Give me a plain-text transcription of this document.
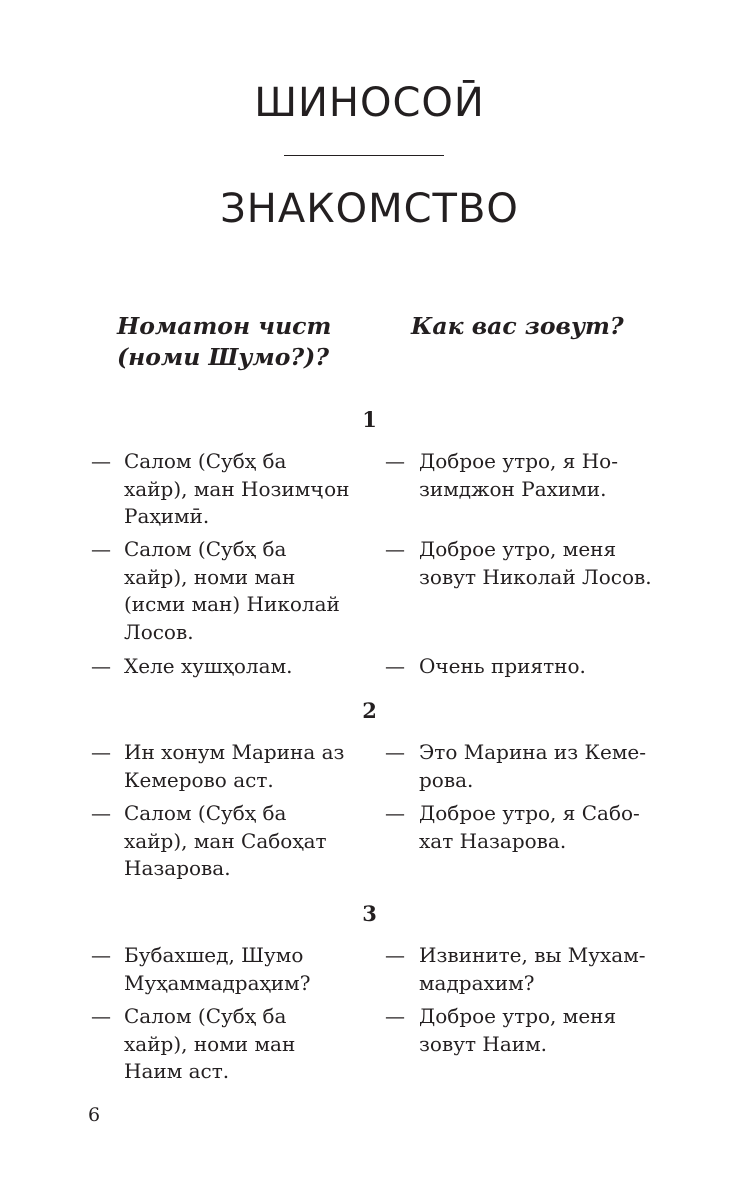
ШИНОСОӢ
ЗНАКОМСТВО
Номатон чист
(номи Шумо?)?
Как вас зовут?
1
— Салом (Субҳ ба
хайр), ман Нозимҷон
Раҳимӣ.
— Доброе утро, я Но-
зимджон Рахими.
— Салом (Субҳ ба
хайр), номи ман
(исми ман) Николай
Лосов.
— Доброе утро, меня
зовут Николай Лосов.
— Хеле хушҳолам.	— Очень приятно.
2
— Ин хонум Марина аз
Кемерово аст.
— Это Марина из Кеме-
рова.
— Салом (Субҳ ба
хайр), ман Сабоҳат
Назарова.
— Доброе утро, я Сабо-
хат Назарова.
3
— Бубахшед, Шумо
Муҳаммадраҳим?
— Извините, вы Мухам-
мадрахим?
— Салом (Субҳ ба
хайр), номи ман
Наим аст.
— Доброе утро, меня
зовут Наим.
6
